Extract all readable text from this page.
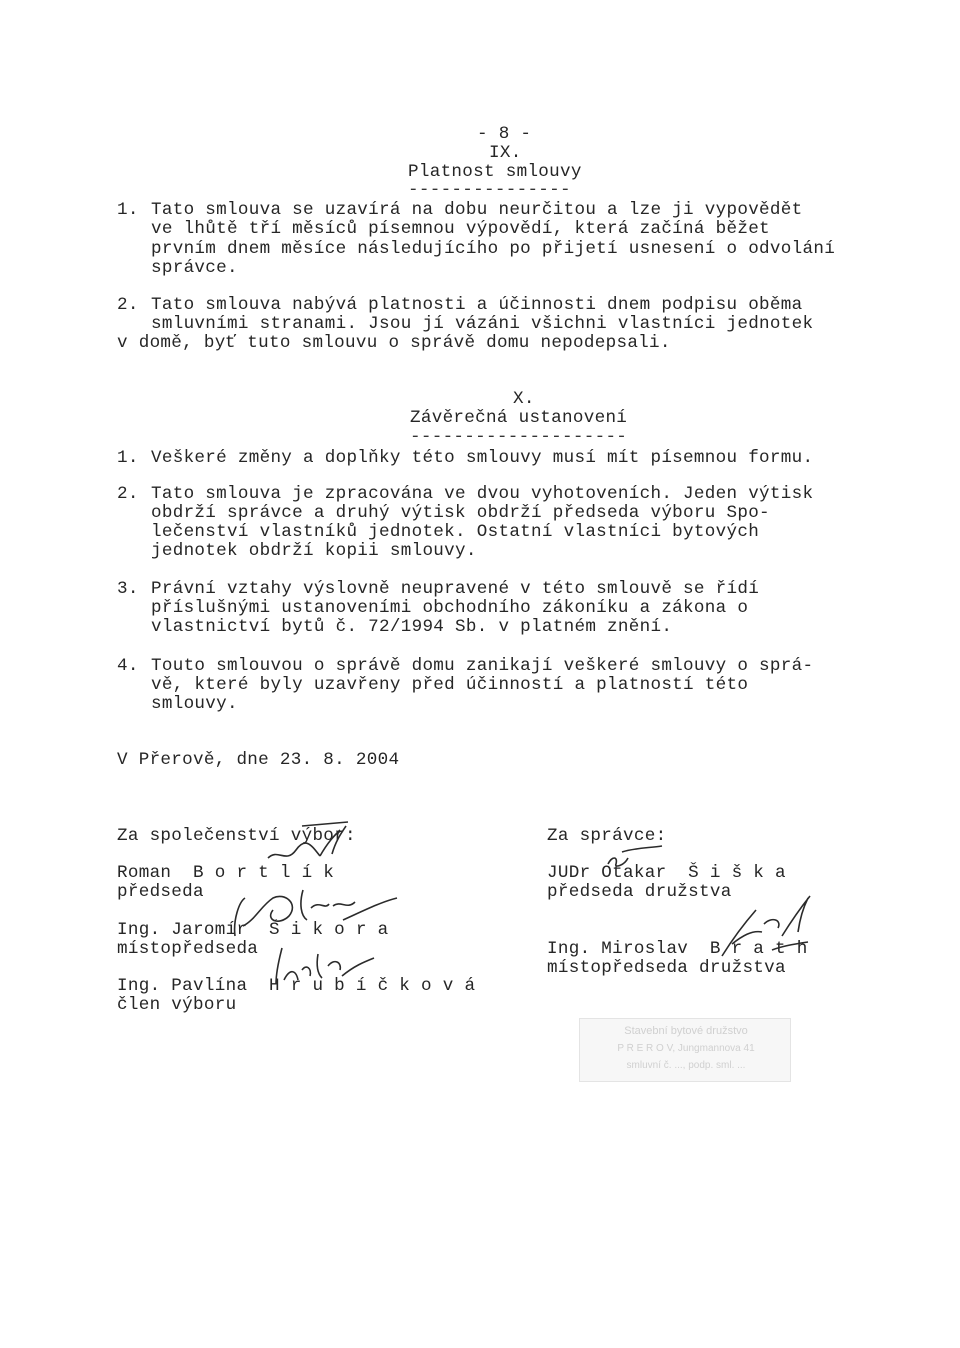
- 8 -
IX.
Platnost smlouvy
---------------
1. Tato smlouva se uzavírá na dobu neurčitou a lze ji vypovědět
ve lhůtě tří měsíců písemnou výpovědí, která začíná běžet
prvním dnem měsíce následujícího po přijetí usnesení o odvolání
správce.
2. Tato smlouva nabývá platnosti a účinnosti dnem podpisu oběma
smluvními stranami. Jsou jí vázáni všichni vlastníci jednotek
v domě, byť tuto smlouvu o správě domu nepodepsali.
X.
Závěrečná ustanovení
--------------------
1. Veškeré změny a doplňky této smlouvy musí mít písemnou formu.
2. Tato smlouva je zpracována ve dvou vyhotoveních. Jeden výtisk
obdrží správce a druhý výtisk obdrží předseda výboru Spo-
lečenství vlastníků jednotek. Ostatní vlastníci bytových
jednotek obdrží kopii smlouvy.
3. Právní vztahy výslovně neupravené v této smlouvě se řídí
příslušnými ustanoveními obchodního zákoníku a zákona o
vlastnictví bytů č. 72/1994 Sb. v platném znění.
4. Touto smlouvou o správě domu zanikají veškeré smlouvy o sprá-
vě, které byly uzavřeny před účinností a platností této
smlouvy.
V Přerově, dne 23. 8. 2004
Za společenství výbor:
Roman  B o r t l í k
předseda
Ing. Jaromír  Š i k o r a
místopředseda
Ing. Pavlína  H r u b í č k o v á
člen výboru
Za správce:
JUDr Otakar  Š i š k a
předseda družstva
Ing. Miroslav  B r a t h
místopředseda družstva
Stavební bytové družstvo
P Ř E R O V, Jungmannova 41
smluvní č. ..., podp. sml. ...
